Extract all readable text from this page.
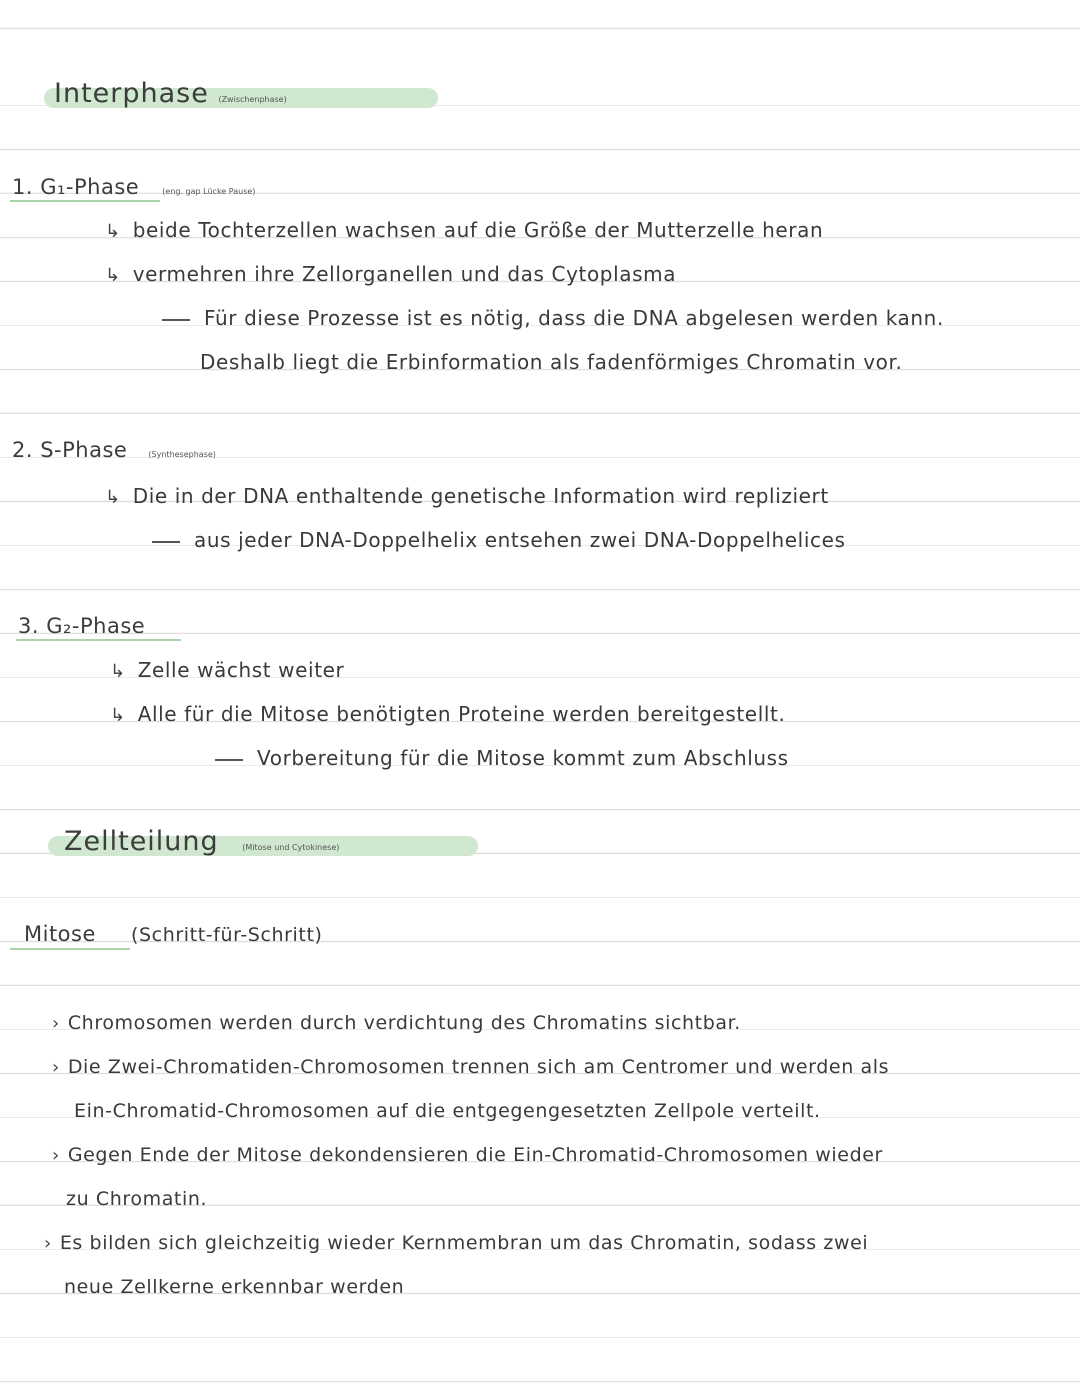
Interphase (Zwischenphase)
1. G₁-Phase	(eng. gap Lücke Pause)
↳ beide Tochterzellen wachsen auf die Größe der Mutterzelle heran
↳ vermehren ihre Zellorganellen und das Cytoplasma
Für diese Prozesse ist es nötig, dass die DNA abgelesen werden kann.
Deshalb liegt die Erbinformation als fadenförmiges Chromatin vor.
2. S-Phase	(Synthesephase)
↳ Die in der DNA enthaltende genetische Information wird repliziert
aus jeder DNA-Doppelhelix entsehen zwei DNA-Doppelhelices
3. G₂-Phase
↳ Zelle wächst weiter
↳ Alle für die Mitose benötigten Proteine werden bereitgestellt.
Vorbereitung für die Mitose kommt zum Abschluss
Zellteilung	(Mitose und Cytokinese)
Mitose (Schritt-für-Schritt)
› Chromosomen werden durch verdichtung des Chromatins sichtbar.
› Die Zwei-Chromatiden-Chromosomen trennen sich am Centromer und werden als
Ein-Chromatid-Chromosomen auf die entgegengesetzten Zellpole verteilt.
› Gegen Ende der Mitose dekondensieren die Ein-Chromatid-Chromosomen wieder
zu Chromatin.
› Es bilden sich gleichzeitig wieder Kernmembran um das Chromatin, sodass zwei
neue Zellkerne erkennbar werden
